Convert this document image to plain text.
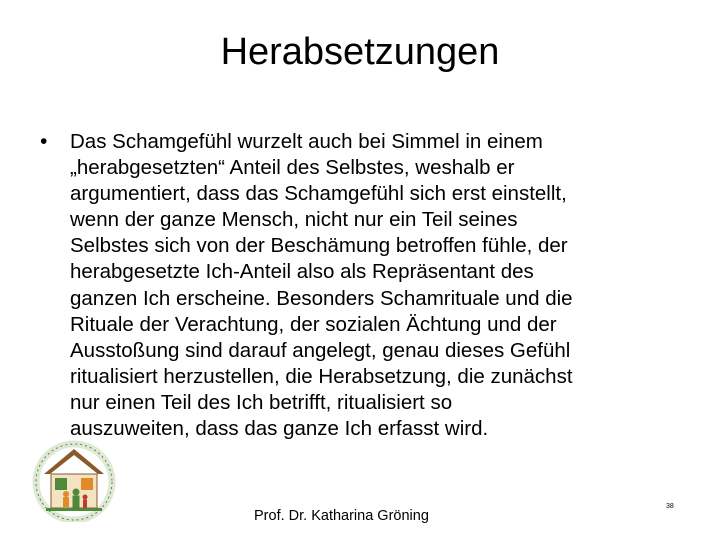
Herabsetzungen
• Das Schamgefühl wurzelt auch bei Simmel in einem
„herabgesetzten“ Anteil des Selbstes, weshalb er
argumentiert, dass das Schamgefühl sich erst einstellt,
wenn der ganze Mensch, nicht nur ein Teil seines
Selbstes sich von der Beschämung betroffen fühle, der
herabgesetzte Ich-Anteil also als Repräsentant des
ganzen Ich erscheine. Besonders Schamrituale und die
Rituale der Verachtung, der sozialen Ächtung und der
Ausstoßung sind darauf angelegt, genau dieses Gefühl
ritualisiert herzustellen, die Herabsetzung, die zunächst
nur einen Teil des Ich betrifft, ritualisiert so
auszuweiten, dass das ganze Ich erfasst wird.
Prof. Dr. Katharina Gröning
38
